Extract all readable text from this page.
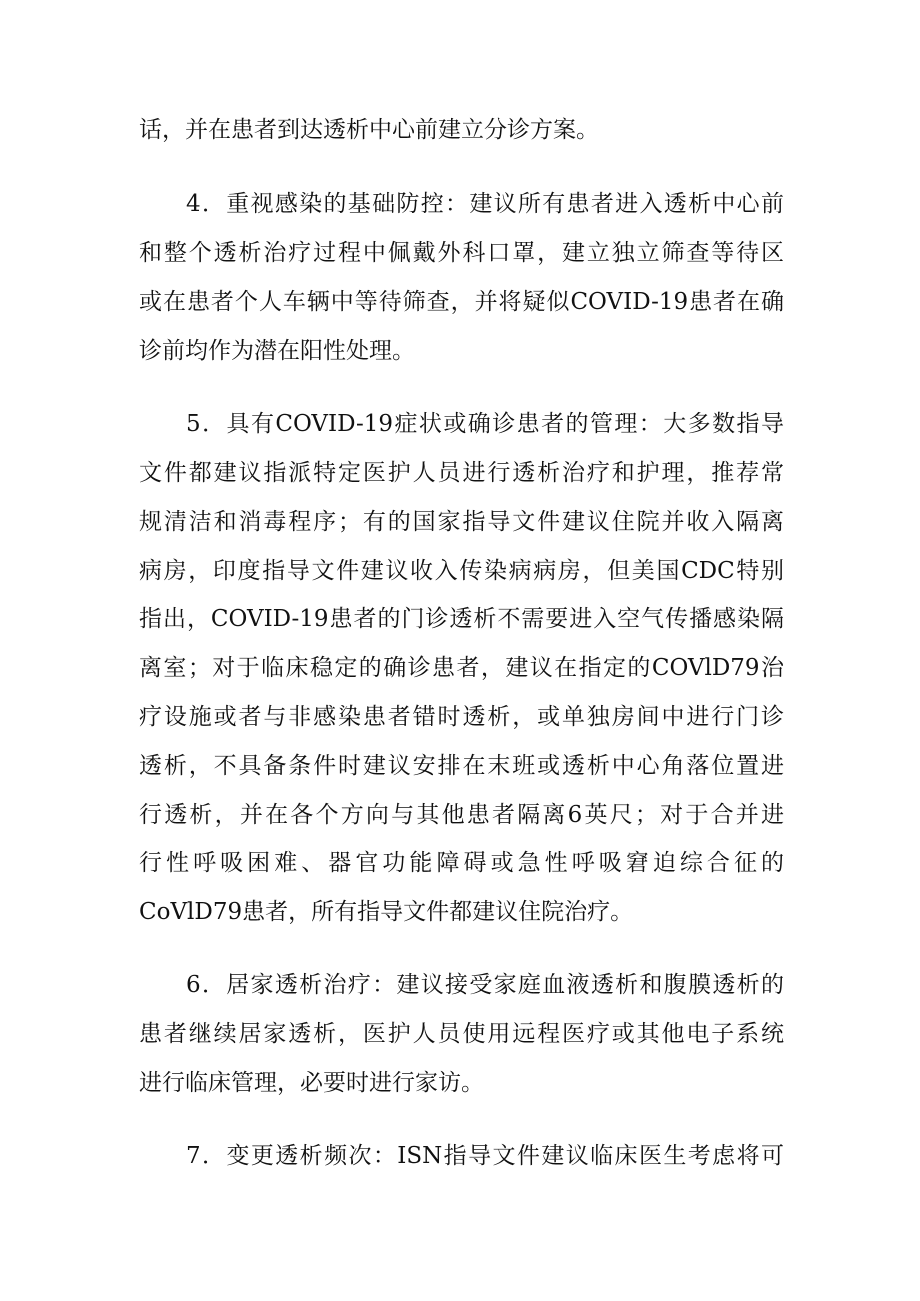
话，并在患者到达透析中心前建立分诊方案。
4．重视感染的基础防控：建议所有患者进入透析中心前
和整个透析治疗过程中佩戴外科口罩，建立独立筛查等待区
或在患者个人车辆中等待筛查，并将疑似COVID-19患者在确
诊前均作为潜在阳性处理。
5．具有COVID-19症状或确诊患者的管理：大多数指导
文件都建议指派特定医护人员进行透析治疗和护理，推荐常
规清洁和消毒程序；有的国家指导文件建议住院并收入隔离
病房，印度指导文件建议收入传染病病房，但美国CDC特别
指出，COVID-19患者的门诊透析不需要进入空气传播感染隔
离室；对于临床稳定的确诊患者，建议在指定的COVlD79治
疗设施或者与非感染患者错时透析，或单独房间中进行门诊
透析，不具备条件时建议安排在末班或透析中心角落位置进
行透析，并在各个方向与其他患者隔离6英尺；对于合并进
行性呼吸困难、器官功能障碍或急性呼吸窘迫综合征的
CoVlD79患者，所有指导文件都建议住院治疗。
6．居家透析治疗：建议接受家庭血液透析和腹膜透析的
患者继续居家透析，医护人员使用远程医疗或其他电子系统
进行临床管理，必要时进行家访。
7．变更透析频次：ISN指导文件建议临床医生考虑将可
